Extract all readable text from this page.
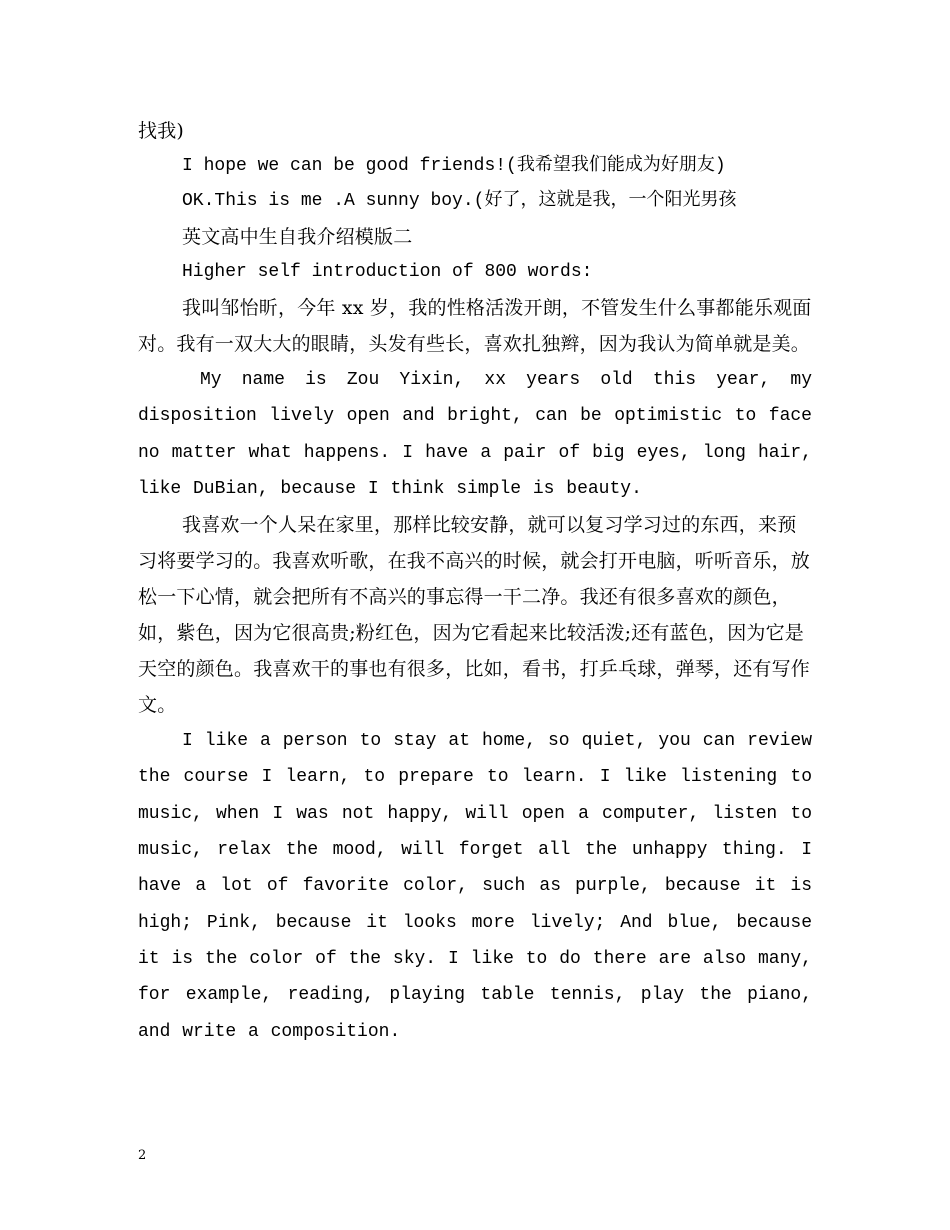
找我)

I hope we can be good friends!(我希望我们能成为好朋友)

OK.This is me .A sunny boy.(好了，这就是我，一个阳光男孩

英文高中生自我介绍模版二

Higher self introduction of 800 words:

我叫邹怡昕，今年 xx 岁，我的性格活泼开朗，不管发生什么事都能乐观面对。我有一双大大的眼睛，头发有些长，喜欢扎独辫，因为我认为简单就是美。

My name is Zou Yixin, xx years old this year, my disposition lively open and bright, can be optimistic to face no matter what happens. I have a pair of big eyes, long hair, like DuBian, because I think simple is beauty.

我喜欢一个人呆在家里，那样比较安静，就可以复习学习过的东西，来预习将要学习的。我喜欢听歌，在我不高兴的时候，就会打开电脑，听听音乐，放松一下心情，就会把所有不高兴的事忘得一干二净。我还有很多喜欢的颜色，如，紫色，因为它很高贵;粉红色，因为它看起来比较活泼;还有蓝色，因为它是天空的颜色。我喜欢干的事也有很多，比如，看书，打乒乓球，弹琴，还有写作文。

I like a person to stay at home, so quiet, you can review the course I learn, to prepare to learn. I like listening to music, when I was not happy, will open a computer, listen to music, relax the mood, will forget all the unhappy thing. I have a lot of favorite color, such as purple, because it is high; Pink, because it looks more lively; And blue, because it is the color of the sky. I like to do there are also many, for example, reading, playing table tennis, play the piano, and write a composition.

2
